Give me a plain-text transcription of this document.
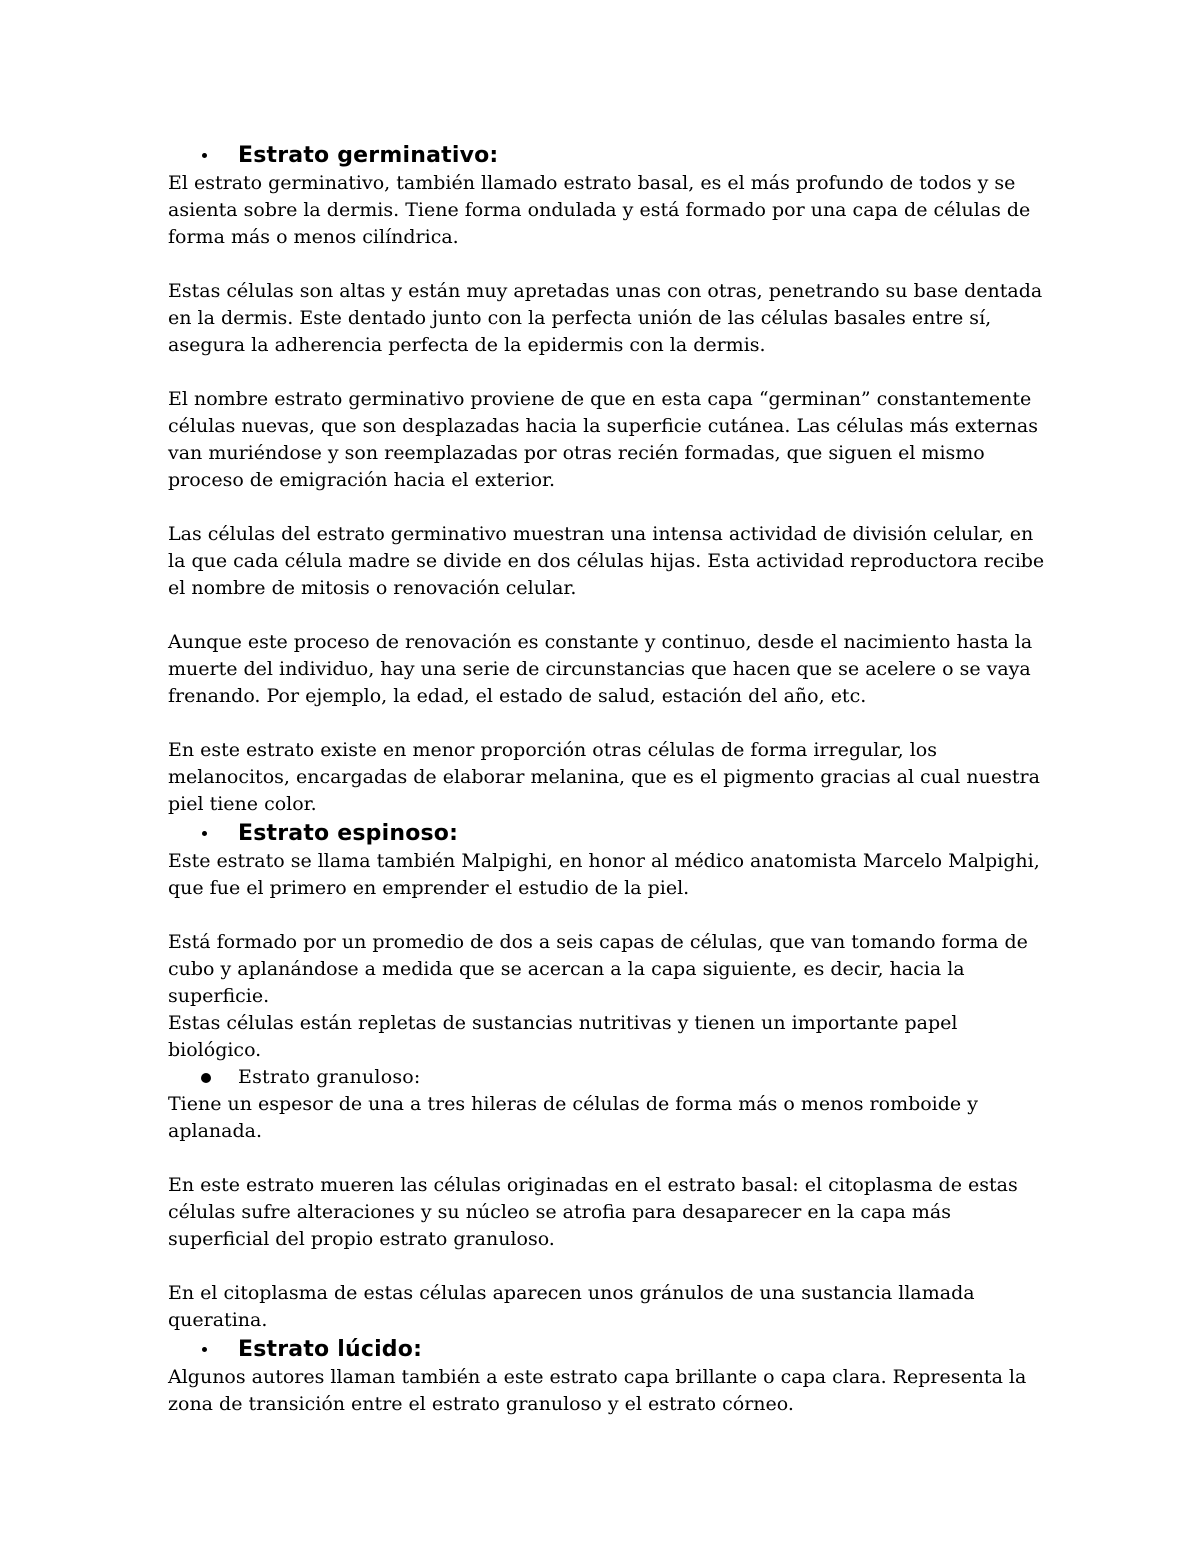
Estrato germinativo:

El estrato germinativo, también llamado estrato basal, es el más profundo de todos y se asienta sobre la dermis. Tiene forma ondulada y está formado por una capa de células de forma más o menos cilíndrica.

Estas células son altas y están muy apretadas unas con otras, penetrando su base dentada en la dermis. Este dentado junto con la perfecta unión de las células basales entre sí, asegura la adherencia perfecta de la epidermis con la dermis.

El nombre estrato germinativo proviene de que en esta capa “germinan” constantemente células nuevas, que son desplazadas hacia la superficie cutánea. Las células más externas van muriéndose y son reemplazadas por otras recién formadas, que siguen el mismo proceso de emigración hacia el exterior.

Las células del estrato germinativo muestran una intensa actividad de división celular, en la que cada célula madre se divide en dos células hijas. Esta actividad reproductora recibe el nombre de mitosis o renovación celular.

Aunque este proceso de renovación es constante y continuo, desde el nacimiento hasta la muerte del individuo, hay una serie de circunstancias que hacen que se acelere o se vaya frenando. Por ejemplo, la edad, el estado de salud, estación del año, etc.

En este estrato existe en menor proporción otras células de forma irregular, los melanocitos, encargadas de elaborar melanina, que es el pigmento gracias al cual nuestra piel tiene color.

Estrato espinoso:

Este estrato se llama también Malpighi, en honor al médico anatomista Marcelo Malpighi, que fue el primero en emprender el estudio de la piel.

Está formado por un promedio de dos a seis capas de células, que van tomando forma de cubo y aplanándose a medida que se acercan a la capa siguiente, es decir, hacia la superficie.

Estas células están repletas de sustancias nutritivas y tienen un importante papel biológico.

Estrato granuloso:

Tiene un espesor de una a tres hileras de células de forma más o menos romboide y aplanada.

En este estrato mueren las células originadas en el estrato basal: el citoplasma de estas células sufre alteraciones y su núcleo se atrofia para desaparecer en la capa más superficial del propio estrato granuloso.

En el citoplasma de estas células aparecen unos gránulos de una sustancia llamada queratina.

Estrato lúcido:

Algunos autores llaman también a este estrato capa brillante o capa clara. Representa la zona de transición entre el estrato granuloso y el estrato córneo.
